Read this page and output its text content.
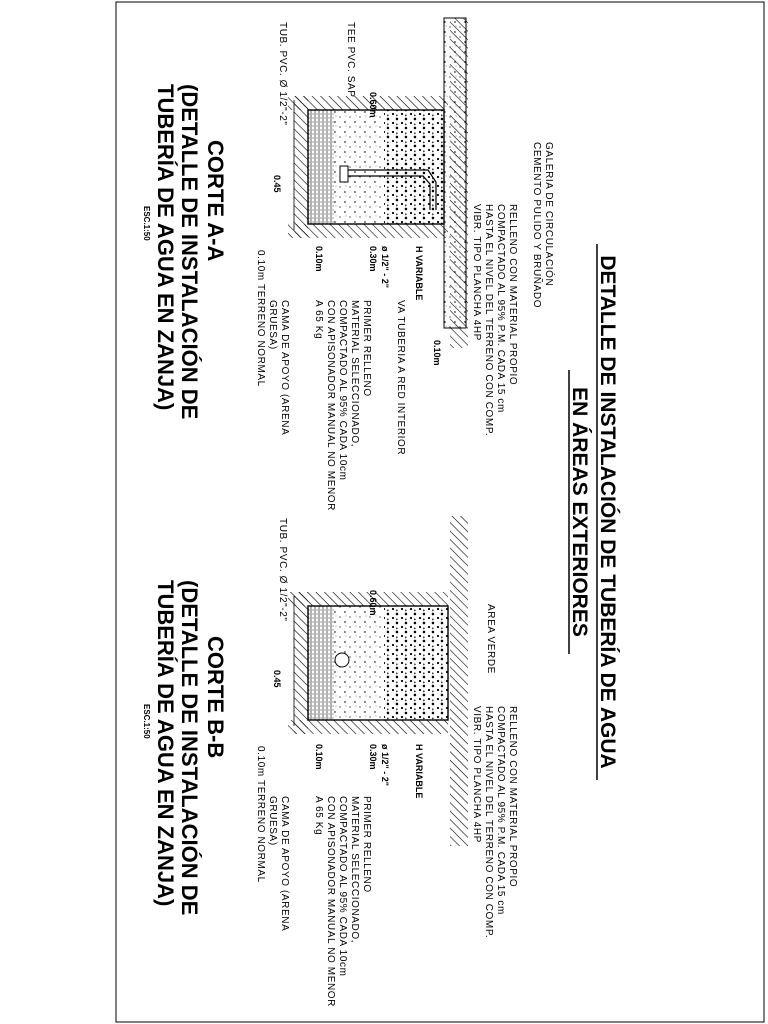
DETALLE DE INSTALACIÓN DE TUBERÍA DE AGUA
EN ÁREAS EXTERIORES
0.60m
0.45
0.30m ø 1/2" - 2"
0.10m
0.10m
H VARIABLE
TUB. PVC. Ø 1/2"-2"	TEE PVC. SAP
CORTE A-A
(DETALLE DE INSTALACIÓN DE
TUBERÍA DE AGUA EN ZANJA)
ESC.1:50	GALERIA DE CIRCULACIÓN
CEMENTO PULIDO Y BRUÑADO
RELLENO CON MATERIAL PROPIO
COMPACTADO AL 95% P.M. CADA 15 cm
HASTA EL NIVEL DEL TERRENO CON COMP.
VIBR. TIPO PLANCHA 4HP
VA TUBERIA A RED INTERIOR
PRIMER RELLENO
MATERIAL SELECCIONADO,
COMPACTADO AL 95% CADA 10cm
CON APISONADOR MANUAL NO MENOR
A 65 Kg
CAMA DE APOYO (ARENA
GRUESA)
0.10m TERRENO NORMAL
0.60m
0.45
0.30m ø 1/2" - 2"
0.10m	H VARIABLE
TUB. PVC. Ø 1/2"-2"
CORTE B-B
(DETALLE DE INSTALACIÓN DE
TUBERÍA DE AGUA EN ZANJA)
ESC.1:50
AREA VERDE
RELLENO CON MATERIAL PROPIO
COMPACTADO AL 95% P.M. CADA 15 cm
HASTA EL NIVEL DEL TERRENO CON COMP.
VIBR. TIPO PLANCHA 4HP
PRIMER RELLENO
MATERIAL SELECCIONADO,
COMPACTADO AL 95% CADA 10cm
CON APISONADOR MANUAL NO MENOR
A 65 Kg
CAMA DE APOYO (ARENA
GRUESA)
0.10m TERRENO NORMAL
